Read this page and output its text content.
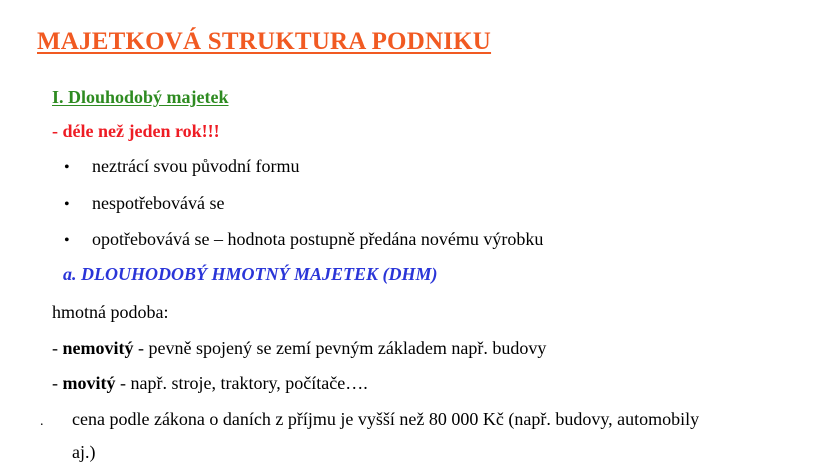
MAJETKOVÁ STRUKTURA PODNIKU
I. Dlouhodobý majetek
- déle než jeden rok!!!
• neztrácí svou původní formu
• nespotřebovává se
• opotřebovává se – hodnota postupně předána novému výrobku
a. DLOUHODOBÝ HMOTNÝ MAJETEK (DHM)
hmotná podoba:
- nemovitý - pevně spojený se zemí pevným základem např. budovy
- movitý - např. stroje, traktory, počítače….
. cena podle zákona o daních z příjmu je vyšší než 80 000 Kč (např. budovy, automobily
aj.)
